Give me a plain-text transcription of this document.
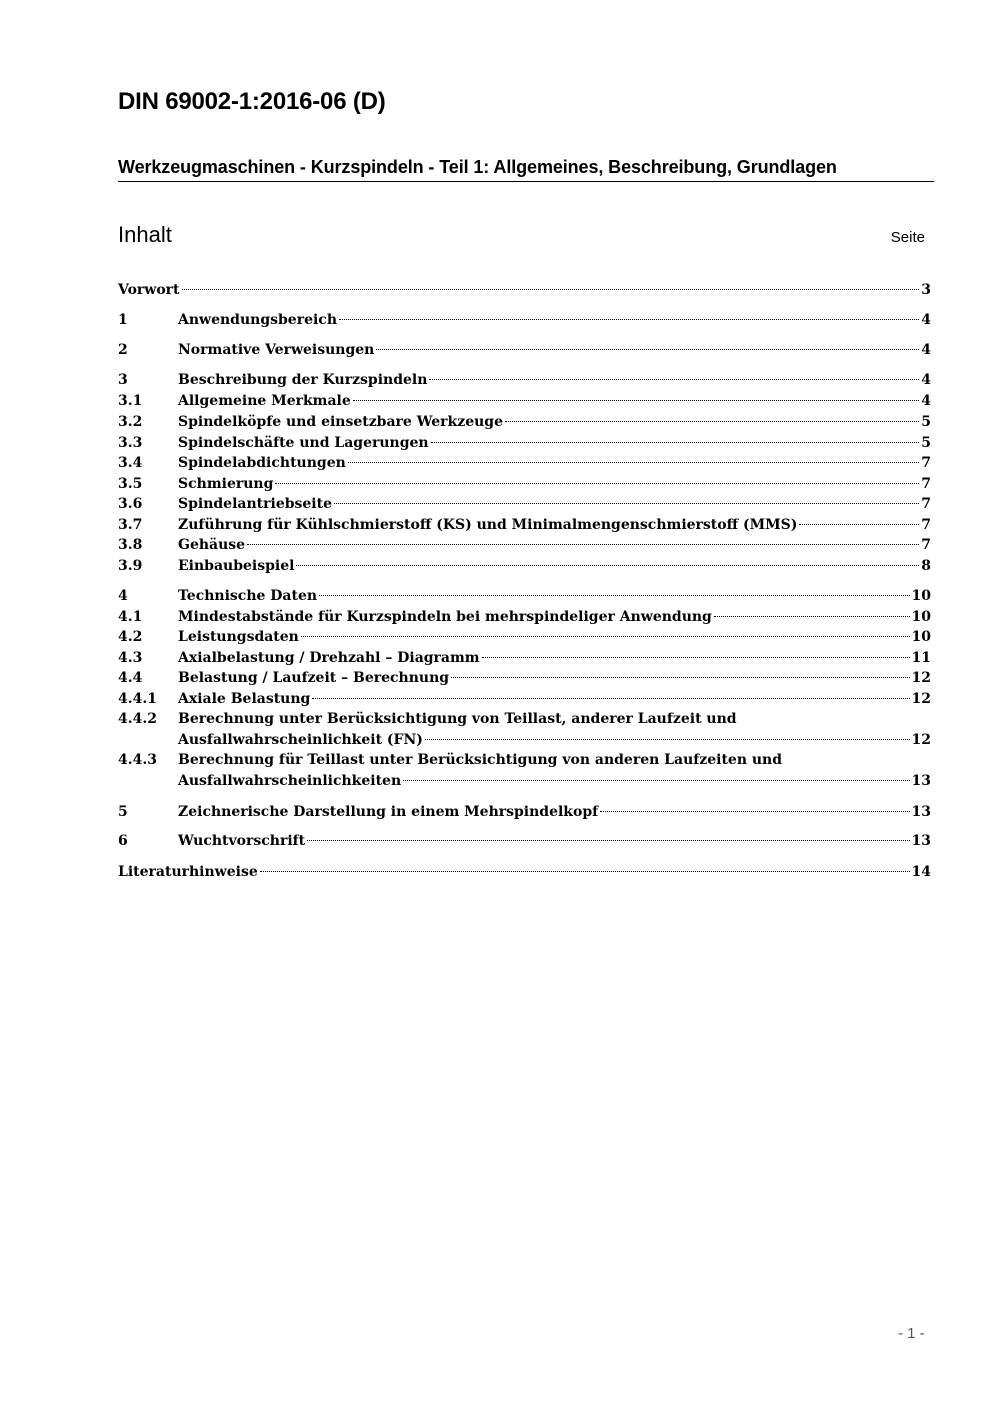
DIN 69002-1:2016-06 (D)
Werkzeugmaschinen - Kurzspindeln - Teil 1: Allgemeines, Beschreibung, Grundlagen
Inhalt	Seite
Vorwort	3
1	Anwendungsbereich	4
2	Normative Verweisungen	4
3	Beschreibung der Kurzspindeln	4
3.1	Allgemeine Merkmale	4
3.2	Spindelköpfe und einsetzbare Werkzeuge	5
3.3	Spindelschäfte und Lagerungen	5
3.4	Spindelabdichtungen	7
3.5	Schmierung	7
3.6	Spindelantriebseite	7
3.7	Zuführung für Kühlschmierstoff (KS) und Minimalmengenschmierstoff (MMS)	7
3.8	Gehäuse	7
3.9	Einbaubeispiel	8
4	Technische Daten	10
4.1	Mindestabstände für Kurzspindeln bei mehrspindeliger Anwendung	10
4.2	Leistungsdaten	10
4.3	Axialbelastung / Drehzahl – Diagramm	11
4.4	Belastung / Laufzeit – Berechnung	12
4.4.1 Axiale Belastung	12
4.4.2 Berechnung unter Berücksichtigung von Teillast, anderer Laufzeit und
Ausfallwahrscheinlichkeit (FN)	12
4.4.3 Berechnung für Teillast unter Berücksichtigung von anderen Laufzeiten und
Ausfallwahrscheinlichkeiten	13
5	Zeichnerische Darstellung in einem Mehrspindelkopf	13
6	Wuchtvorschrift	13
Literaturhinweise	14
- 1 -
